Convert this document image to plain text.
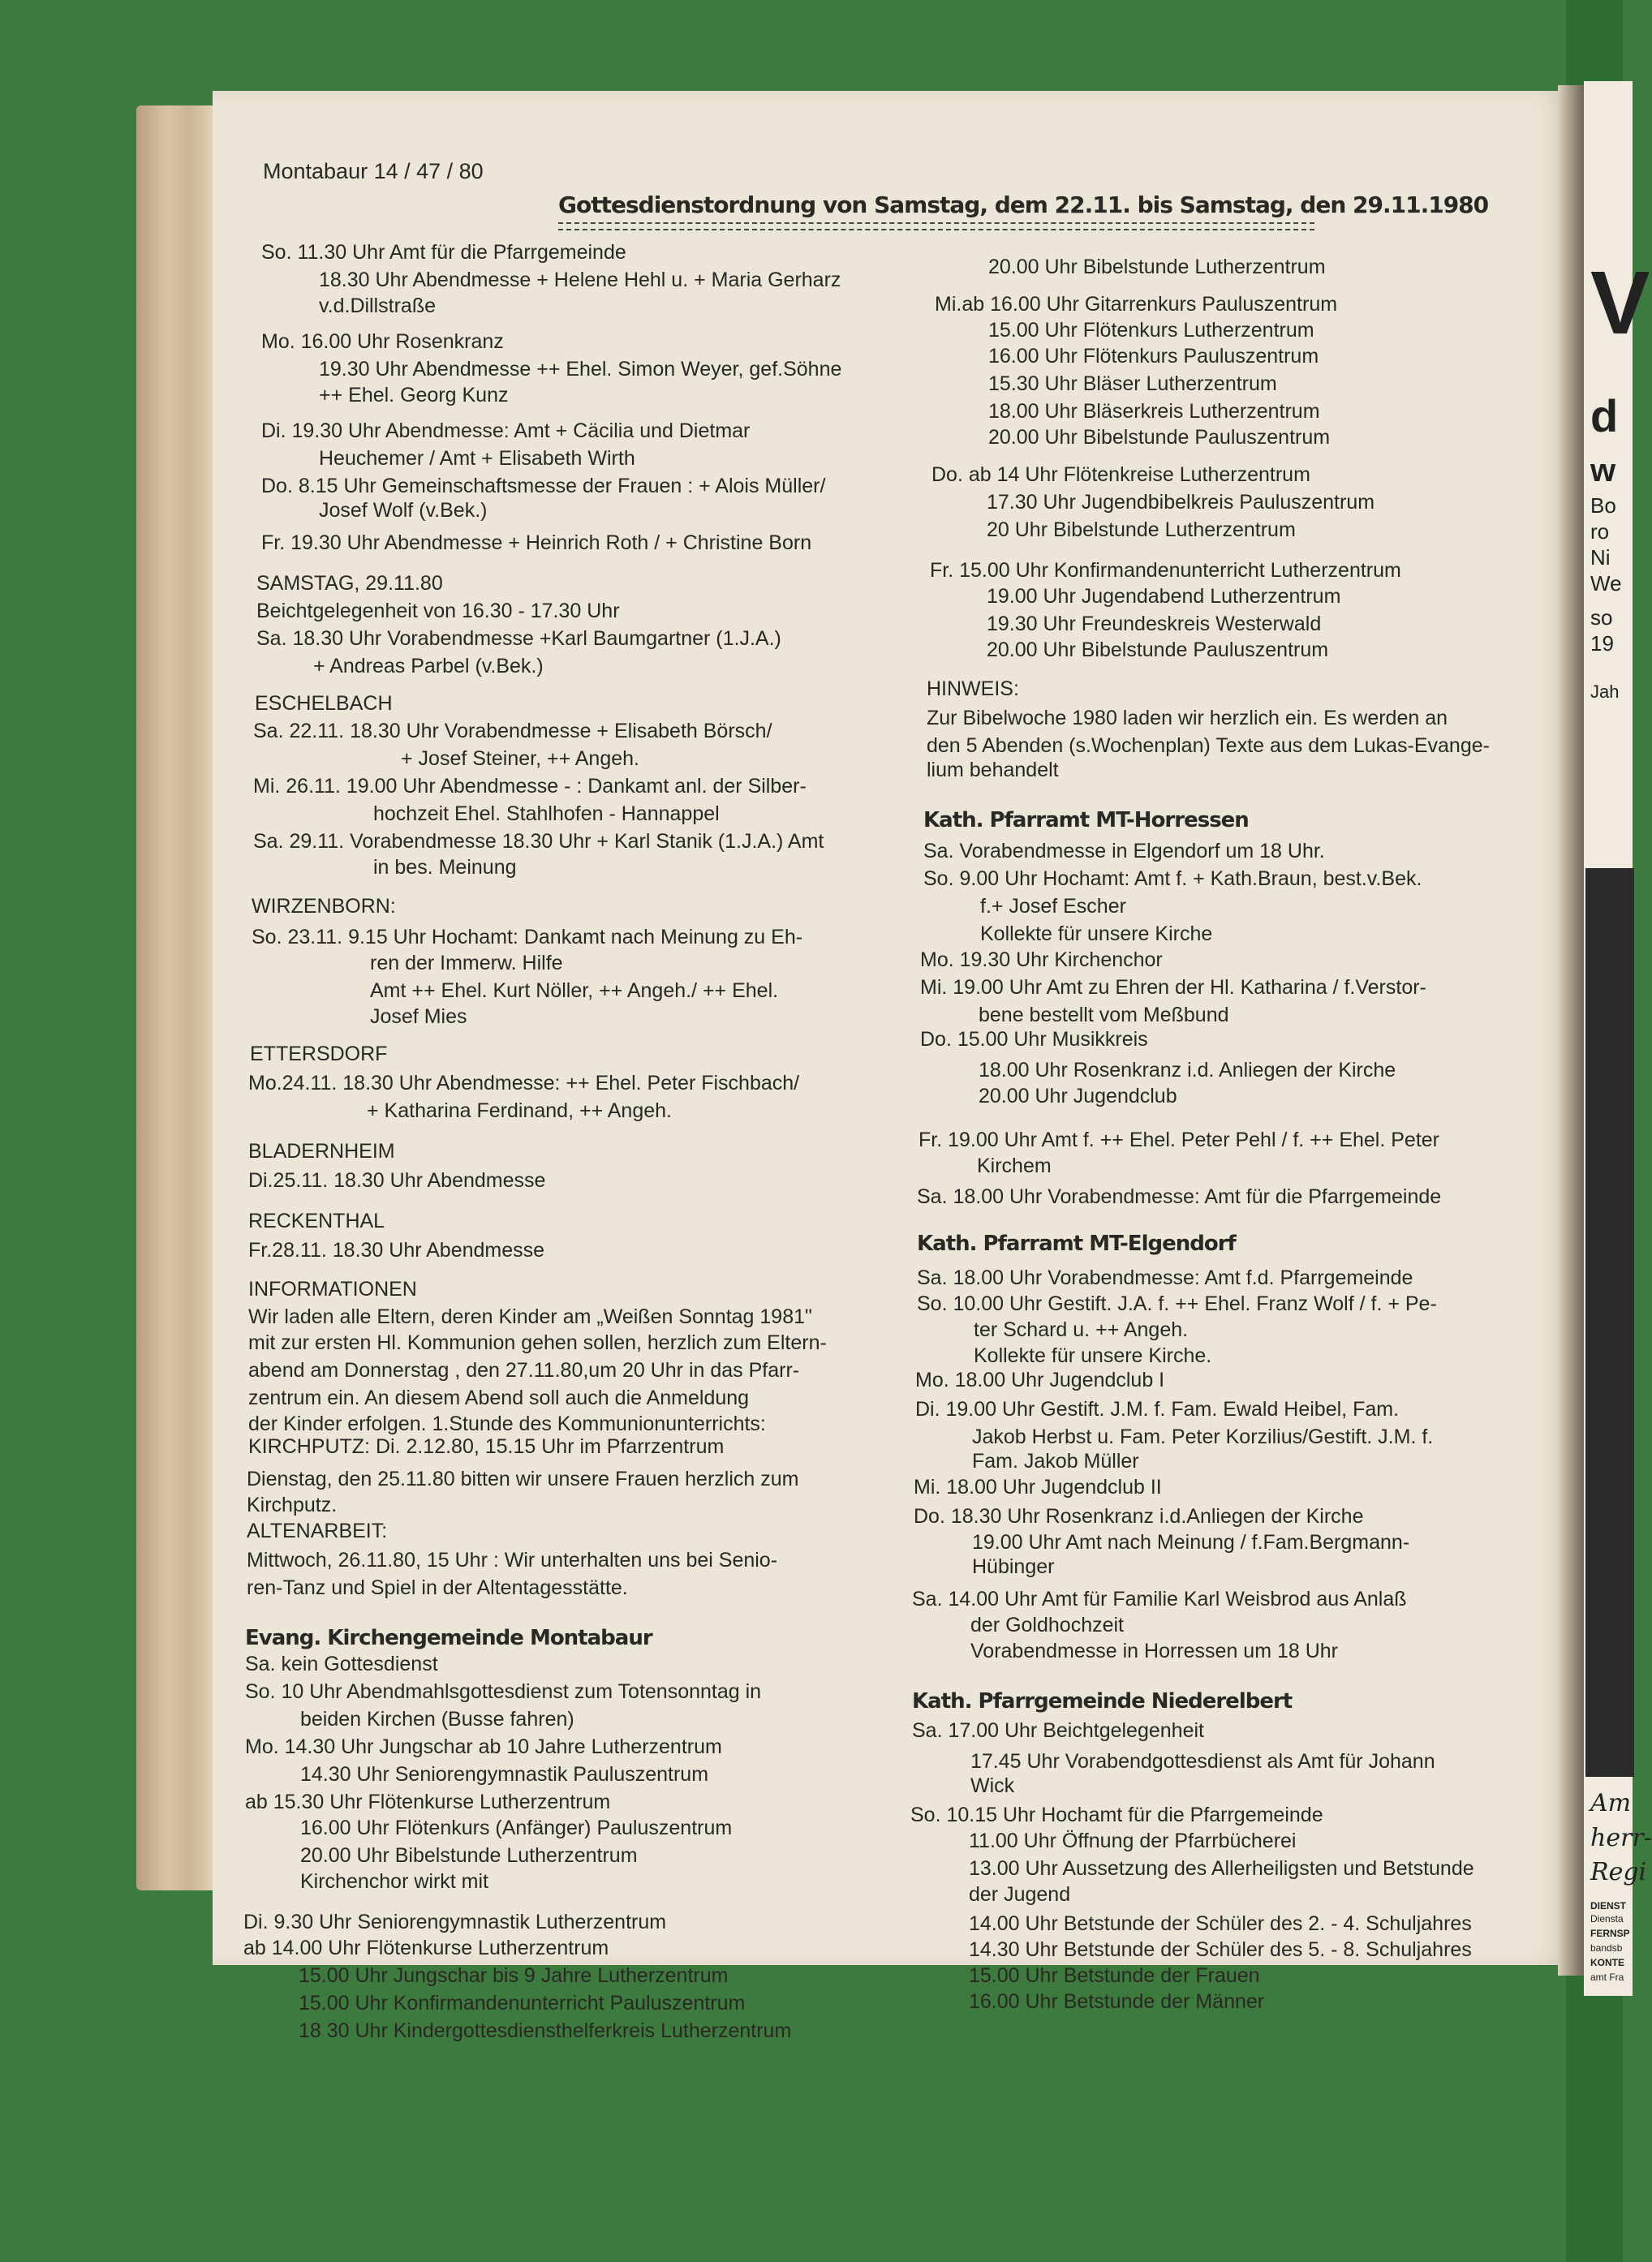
V
d
w
Bo
ro
Ni
We
so
19
Jah
Am
herr-
Regi
DIENST
Diensta
FERNSP
bandsb
KONTE
amt Fra
Montabaur 14 / 47 / 80
Gottesdienstordnung von Samstag, dem 22.11. bis Samstag, den 29.11.1980
So. 11.30 Uhr Amt für die Pfarrgemeinde
18.30 Uhr Abendmesse + Helene Hehl u. + Maria Gerharz
v.d.Dillstraße
Mo. 16.00 Uhr Rosenkranz
19.30 Uhr Abendmesse ++ Ehel. Simon Weyer, gef.Söhne
++ Ehel. Georg Kunz
Di. 19.30 Uhr Abendmesse: Amt + Cäcilia und Dietmar
Heuchemer / Amt + Elisabeth Wirth
Do. 8.15 Uhr Gemeinschaftsmesse der Frauen : + Alois Müller/
Josef Wolf (v.Bek.)
Fr. 19.30 Uhr Abendmesse + Heinrich Roth / + Christine Born
SAMSTAG, 29.11.80
Beichtgelegenheit von 16.30 - 17.30 Uhr
Sa. 18.30 Uhr Vorabendmesse +Karl Baumgartner (1.J.A.)
+ Andreas Parbel (v.Bek.)
ESCHELBACH
Sa. 22.11. 18.30 Uhr Vorabendmesse + Elisabeth Börsch/
+ Josef Steiner, ++ Angeh.
Mi. 26.11. 19.00 Uhr Abendmesse - : Dankamt anl. der Silber-
hochzeit Ehel. Stahlhofen - Hannappel
Sa. 29.11. Vorabendmesse 18.30 Uhr + Karl Stanik (1.J.A.) Amt
in bes. Meinung
WIRZENBORN:
So. 23.11. 9.15 Uhr Hochamt: Dankamt nach Meinung zu Eh-
ren der Immerw. Hilfe
Amt ++ Ehel. Kurt Nöller, ++ Angeh./ ++ Ehel.
Josef Mies
ETTERSDORF
Mo.24.11. 18.30 Uhr Abendmesse: ++ Ehel. Peter Fischbach/
+ Katharina Ferdinand, ++ Angeh.
BLADERNHEIM
Di.25.11. 18.30 Uhr Abendmesse
RECKENTHAL
Fr.28.11. 18.30 Uhr Abendmesse
INFORMATIONEN
Wir laden alle Eltern, deren Kinder am „Weißen Sonntag 1981"
mit zur ersten Hl. Kommunion gehen sollen, herzlich zum Eltern-
abend am Donnerstag , den 27.11.80,um 20 Uhr in das Pfarr-
zentrum ein. An diesem Abend soll auch die Anmeldung
der Kinder erfolgen. 1.Stunde des Kommunionunterrichts:
KIRCHPUTZ: Di. 2.12.80, 15.15 Uhr im Pfarrzentrum
Dienstag, den 25.11.80 bitten wir unsere Frauen herzlich zum
Kirchputz.
ALTENARBEIT:
Mittwoch, 26.11.80, 15 Uhr : Wir unterhalten uns bei Senio-
ren-Tanz und Spiel in der Altentagesstätte.
Evang. Kirchengemeinde Montabaur
Sa. kein Gottesdienst
So. 10 Uhr Abendmahlsgottesdienst zum Totensonntag in
beiden Kirchen (Busse fahren)
Mo. 14.30 Uhr Jungschar ab 10 Jahre Lutherzentrum
14.30 Uhr Seniorengymnastik Pauluszentrum
ab 15.30 Uhr Flötenkurse Lutherzentrum
16.00 Uhr Flötenkurs (Anfänger) Pauluszentrum
20.00 Uhr Bibelstunde Lutherzentrum
Kirchenchor wirkt mit
Di. 9.30 Uhr Seniorengymnastik Lutherzentrum
ab 14.00 Uhr Flötenkurse Lutherzentrum
15.00 Uhr Jungschar bis 9 Jahre Lutherzentrum
15.00 Uhr Konfirmandenunterricht Pauluszentrum
18 30 Uhr Kindergottesdiensthelferkreis Lutherzentrum
20.00 Uhr Bibelstunde Lutherzentrum
Mi.ab 16.00 Uhr Gitarrenkurs Pauluszentrum
15.00 Uhr Flötenkurs Lutherzentrum
16.00 Uhr Flötenkurs Pauluszentrum
15.30 Uhr Bläser Lutherzentrum
18.00 Uhr Bläserkreis Lutherzentrum
20.00 Uhr Bibelstunde Pauluszentrum
Do. ab 14 Uhr Flötenkreise Lutherzentrum
17.30 Uhr Jugendbibelkreis Pauluszentrum
20 Uhr Bibelstunde Lutherzentrum
Fr. 15.00 Uhr Konfirmandenunterricht Lutherzentrum
19.00 Uhr Jugendabend Lutherzentrum
19.30 Uhr Freundeskreis Westerwald
20.00 Uhr Bibelstunde Pauluszentrum
HINWEIS:
Zur Bibelwoche 1980 laden wir herzlich ein. Es werden an
den 5 Abenden (s.Wochenplan) Texte aus dem Lukas-Evange-
lium behandelt
Kath. Pfarramt MT-Horressen
Sa. Vorabendmesse in Elgendorf um 18 Uhr.
So. 9.00 Uhr Hochamt: Amt f. + Kath.Braun, best.v.Bek.
f.+ Josef Escher
Kollekte für unsere Kirche
Mo. 19.30 Uhr Kirchenchor
Mi. 19.00 Uhr Amt zu Ehren der Hl. Katharina / f.Verstor-
bene bestellt vom Meßbund
Do. 15.00 Uhr Musikkreis
18.00 Uhr Rosenkranz i.d. Anliegen der Kirche
20.00 Uhr Jugendclub
Fr. 19.00 Uhr Amt f. ++ Ehel. Peter Pehl / f. ++ Ehel. Peter
Kirchem
Sa. 18.00 Uhr Vorabendmesse: Amt für die Pfarrgemeinde
Kath. Pfarramt MT-Elgendorf
Sa. 18.00 Uhr Vorabendmesse: Amt f.d. Pfarrgemeinde
So. 10.00 Uhr Gestift. J.A. f. ++ Ehel. Franz Wolf / f. + Pe-
ter Schard u. ++ Angeh.
Kollekte für unsere Kirche.
Mo. 18.00 Uhr Jugendclub I
Di. 19.00 Uhr Gestift. J.M. f. Fam. Ewald Heibel, Fam.
Jakob Herbst u. Fam. Peter Korzilius/Gestift. J.M. f.
Fam. Jakob Müller
Mi. 18.00 Uhr Jugendclub II
Do. 18.30 Uhr Rosenkranz i.d.Anliegen der Kirche
19.00 Uhr Amt nach Meinung / f.Fam.Bergmann-
Hübinger
Sa. 14.00 Uhr Amt für Familie Karl Weisbrod aus Anlaß
der Goldhochzeit
Vorabendmesse in Horressen um 18 Uhr
Kath. Pfarrgemeinde Niederelbert
Sa. 17.00 Uhr Beichtgelegenheit
17.45 Uhr Vorabendgottesdienst als Amt für Johann
Wick
So. 10.15 Uhr Hochamt für die Pfarrgemeinde
11.00 Uhr Öffnung der Pfarrbücherei
13.00 Uhr Aussetzung des Allerheiligsten und Betstunde
der Jugend
14.00 Uhr Betstunde der Schüler des 2. - 4. Schuljahres
14.30 Uhr Betstunde der Schüler des 5. - 8. Schuljahres
15.00 Uhr Betstunde der Frauen
16.00 Uhr Betstunde der Männer
